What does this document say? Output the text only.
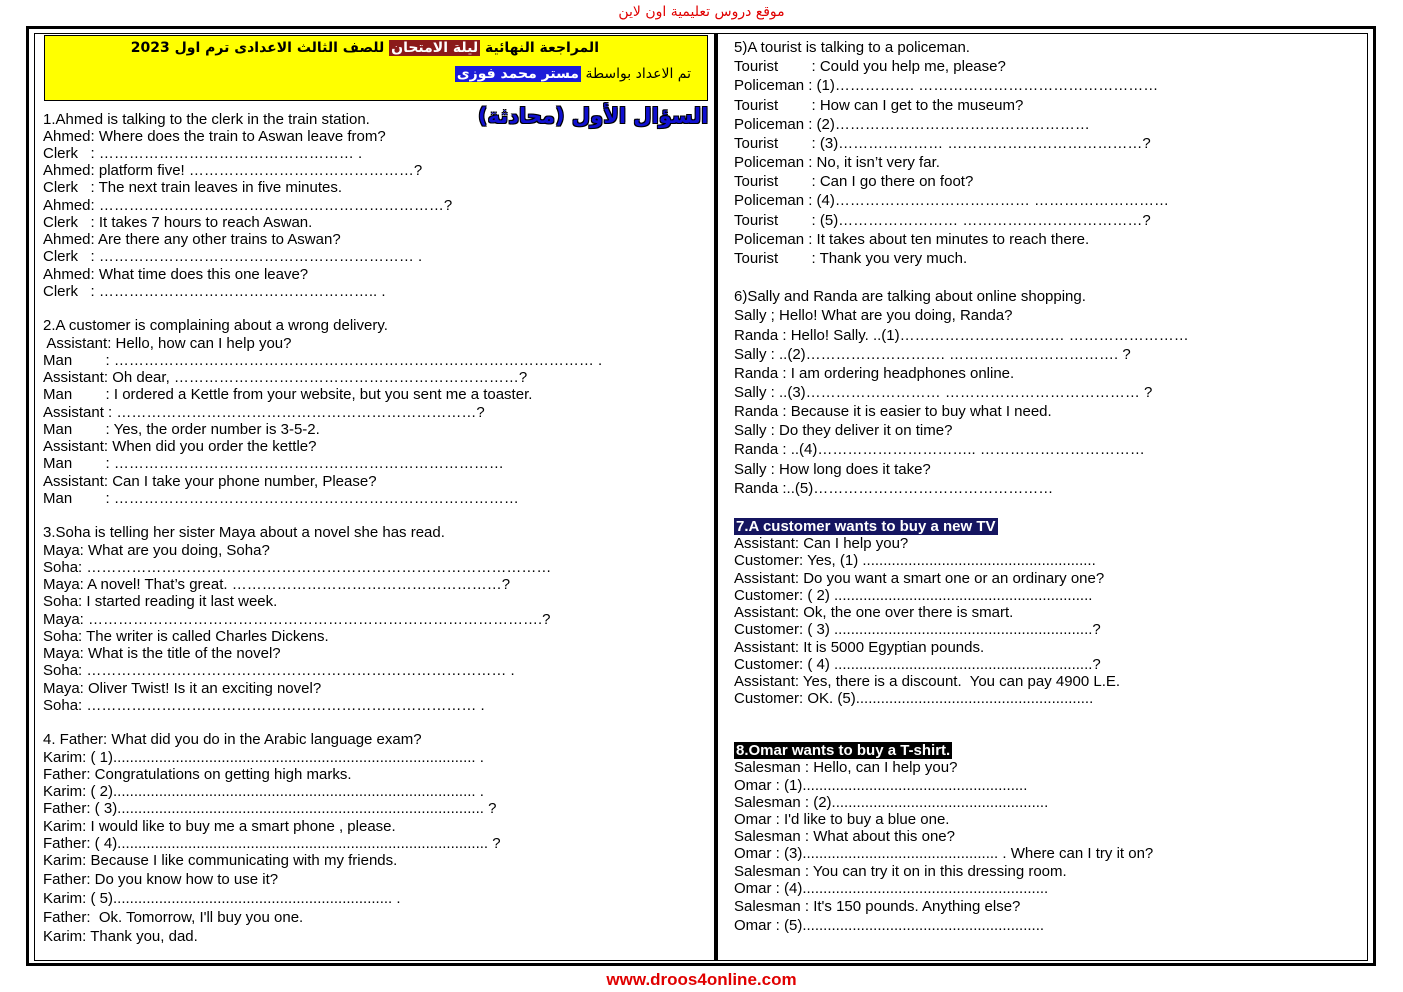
موقع دروس تعليمية اون لاين
المراجعة النهائية ليلة الامتحان للصف الثالث الاعدادى ترم اول 2023
تم الاعداد بواسطة مستر محمد فوزى
السؤال الأول (محادثة)
1.Ahmed is talking to the clerk in the train station.
Ahmed: Where does the train to Aswan leave from?
Clerk   : …………………………………………… .
Ahmed: platform five! ………………………………………?
Clerk   : The next train leaves in five minutes.
Ahmed: ……………………………………………………………?
Clerk   : It takes 7 hours to reach Aswan.
Ahmed: Are there any other trains to Aswan?
Clerk   : ……………………………………………………… .
Ahmed: What time does this one leave?
Clerk   : ……………………………………………….. .
2.A customer is complaining about a wrong delivery.
Assistant: Hello, how can I help you?
Man        : …………………………………………………………………………………… .
Assistant: Oh dear, ……………………………………………………………?
Man        : I ordered a Kettle from your website, but you sent me a toaster.
Assistant : ………………………………………………………………?
Man        : Yes, the order number is 3-5-2.
Assistant: When did you order the kettle?
Man        : ……………………………………………………………………
Assistant: Can I take your phone number, Please?
Man        : ………………………………………………………………………
3.Soha is telling her sister Maya about a novel she has read.
Maya: What are you doing, Soha?
Soha: …………………………………………………………………………………
Maya: A novel! That’s great. ………………………………………………?
Soha: I started reading it last week.
Maya: ……………………………………………………………………………….?
Soha: The writer is called Charles Dickens.
Maya: What is the title of the novel?
Soha: ………………………………………………………………………… .
Maya: Oliver Twist! Is it an exciting novel?
Soha: …………………………………………………………………… .
4. Father: What did you do in the Arabic language exam?
Karim: ( 1)....................................................................................... .
Father: Congratulations on getting high marks.
Karim: ( 2)....................................................................................... .
Father: ( 3)........................................................................................ ?
Karim: I would like to buy me a smart phone , please.
Father: ( 4)......................................................................................... ?
Karim: Because I like communicating with my friends.
Father: Do you know how to use it?
Karim: ( 5)................................................................... .
Father:  Ok. Tomorrow, I'll buy you one.
Karim: Thank you, dad.
5)A tourist is talking to a policeman.
Tourist        : Could you help me, please?
Policeman : (1)……………. …………………………………………
Tourist        : How can I get to the museum?
Policeman : (2)……………………………………………
Tourist        : (3)………………… …………………………………?
Policeman : No, it isn’t very far.
Tourist        : Can I go there on foot?
Policeman : (4)………………………………… ………………………
Tourist        : (5)…………………… ………………………………?
Policeman : It takes about ten minutes to reach there.
Tourist        : Thank you very much.
6)Sally and Randa are talking about online shopping.
Sally ; Hello! What are you doing, Randa?
Randa : Hello! Sally. ..(1)…………………………… ……………………
Sally : ..(2)………………………. ……………………………. ?
Randa : I am ordering headphones online.
Sally : ..(3)……………………… ………………………………… ?
Randa : Because it is easier to buy what I need.
Sally : Do they deliver it on time?
Randa : ..(4)………………………….. ……………………………
Sally : How long does it take?
Randa :..(5)…………………………………………
Assistant: Can I help you?
Customer: Yes, (1) ........................................................
Assistant: Do you want a smart one or an ordinary one?
Customer: ( 2) ..............................................................
Assistant: Ok, the one over there is smart.
Customer: ( 3) ..............................................................?
Assistant: It is 5000 Egyptian pounds.
Customer: ( 4) ..............................................................?
Assistant: Yes, there is a discount.  You can pay 4900 L.E.
Customer: OK. (5).........................................................
Salesman : Hello, can I help you?
Omar : (1)......................................................
Salesman : (2)....................................................
Omar : I'd like to buy a blue one.
Salesman : What about this one?
Omar : (3)............................................... . Where can I try it on?
Salesman : You can try it on in this dressing room.
Omar : (4)...........................................................
Salesman : It's 150 pounds. Anything else?
Omar : (5)..........................................................
7.A customer wants to buy a new TV
8.Omar wants to buy a T-shirt.
www.droos4online.com
